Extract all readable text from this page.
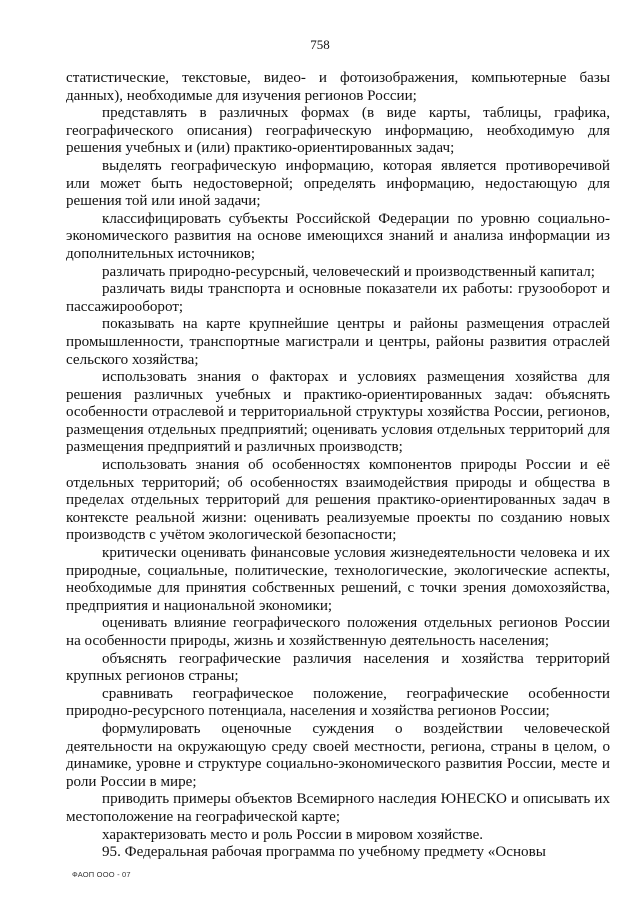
758

статистические, текстовые, видео- и фотоизображения, компьютерные базы данных), необходимые для изучения регионов России;

представлять в различных формах (в виде карты, таблицы, графика, географического описания) географическую информацию, необходимую для решения учебных и (или) практико-ориентированных задач;

выделять географическую информацию, которая является противоречивой или может быть недостоверной; определять информацию, недостающую для решения той или иной задачи;

классифицировать субъекты Российской Федерации по уровню социально-экономического развития на основе имеющихся знаний и анализа информации из дополнительных источников;

различать природно-ресурсный, человеческий и производственный капитал;

различать виды транспорта и основные показатели их работы: грузооборот и пассажирооборот;

показывать на карте крупнейшие центры и районы размещения отраслей промышленности, транспортные магистрали и центры, районы развития отраслей сельского хозяйства;

использовать знания о факторах и условиях размещения хозяйства для решения различных учебных и практико-ориентированных задач: объяснять особенности отраслевой и территориальной структуры хозяйства России, регионов, размещения отдельных предприятий; оценивать условия отдельных территорий для размещения предприятий и различных производств;

использовать знания об особенностях компонентов природы России и её отдельных территорий; об особенностях взаимодействия природы и общества в пределах отдельных территорий для решения практико-ориентированных задач в контексте реальной жизни: оценивать реализуемые проекты по созданию новых производств с учётом экологической безопасности;

критически оценивать финансовые условия жизнедеятельности человека и их природные, социальные, политические, технологические, экологические аспекты, необходимые для принятия собственных решений, с точки зрения домохозяйства, предприятия и национальной экономики;

оценивать влияние географического положения отдельных регионов России на особенности природы, жизнь и хозяйственную деятельность населения;

объяснять географические различия населения и хозяйства территорий крупных регионов страны;

сравнивать географическое положение, географические особенности природно-ресурсного потенциала, населения и хозяйства регионов России;

формулировать оценочные суждения о воздействии человеческой деятельности на окружающую среду своей местности, региона, страны в целом, о динамике, уровне и структуре социально-экономического развития России, месте и роли России в мире;

приводить примеры объектов Всемирного наследия ЮНЕСКО и описывать их местоположение на географической карте;

характеризовать место и роль России в мировом хозяйстве.

95. Федеральная рабочая программа по учебному предмету «Основы

ФАОП ООО - 07
